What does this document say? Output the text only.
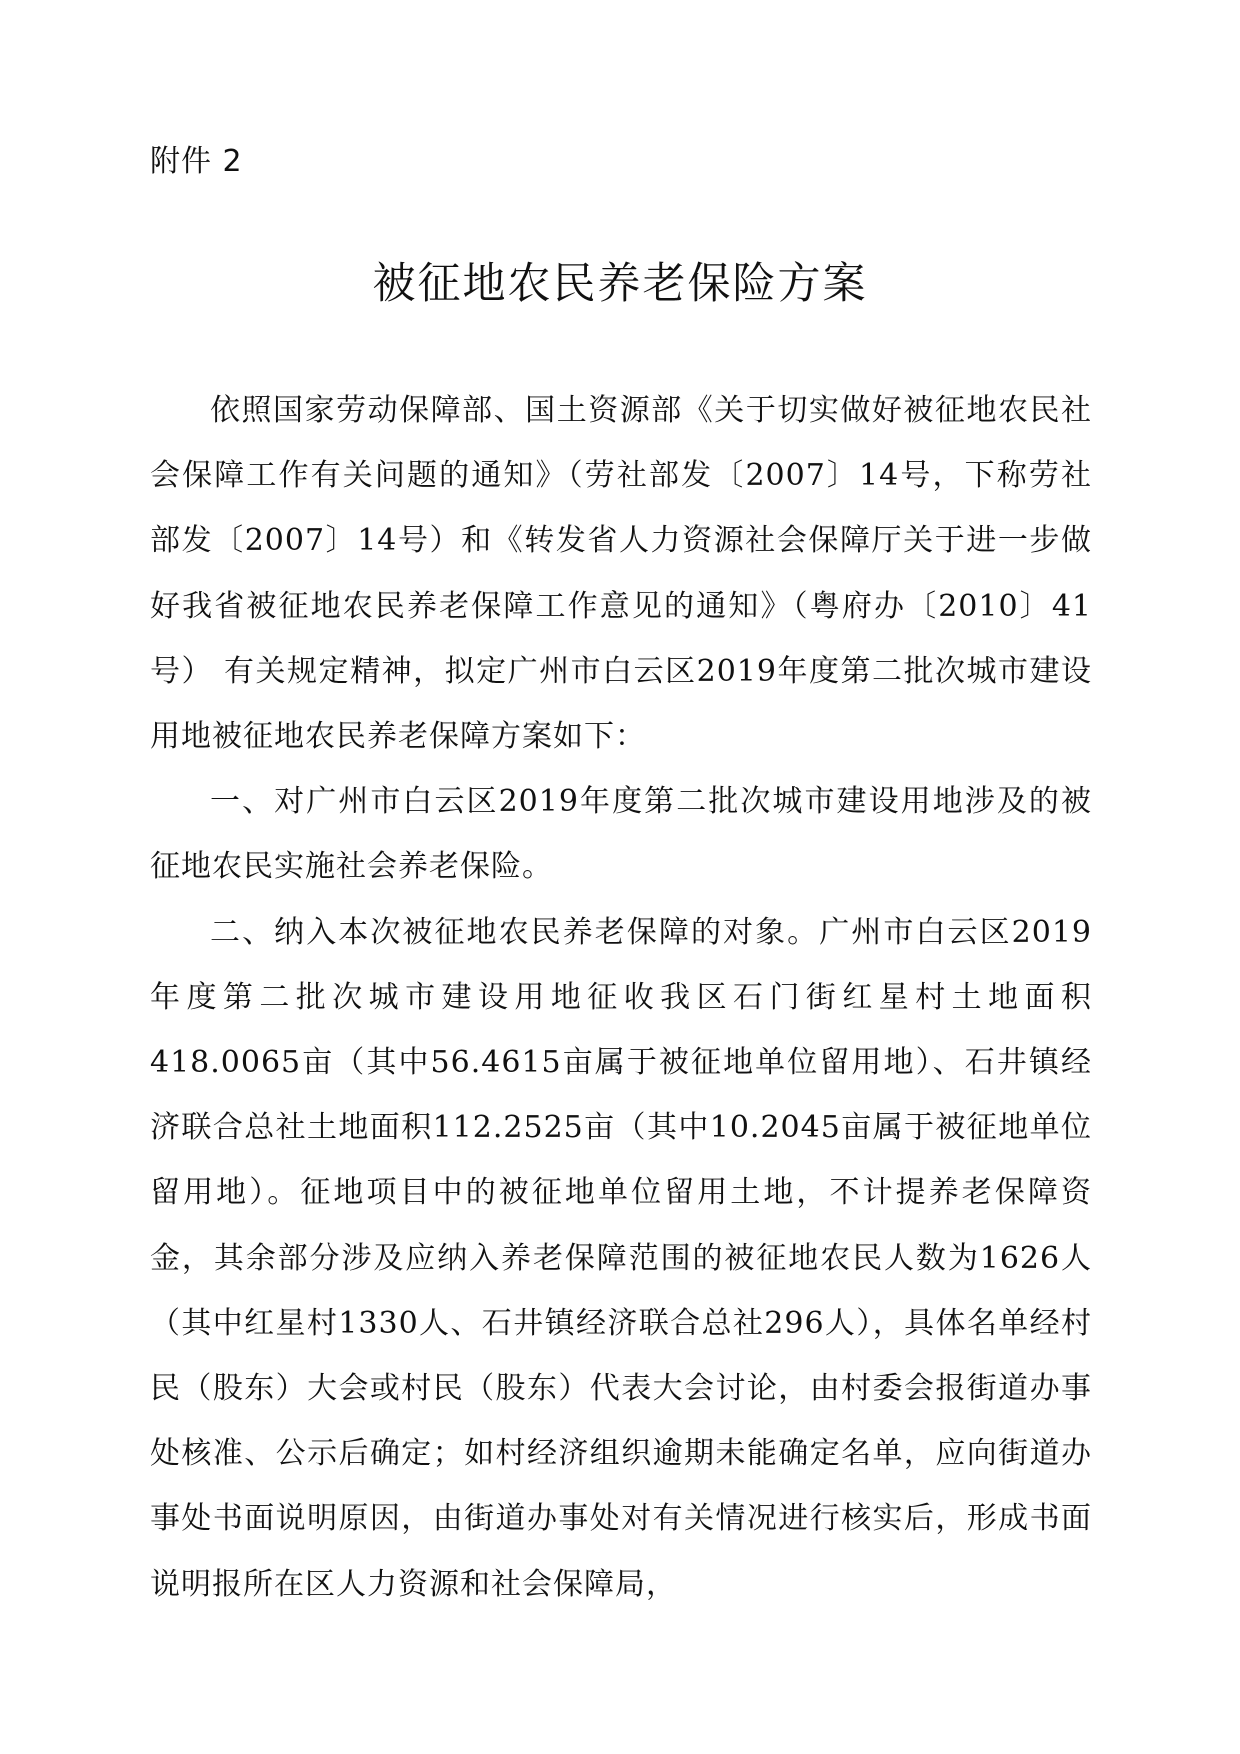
附件 2
被征地农民养老保险方案

依照国家劳动保障部、国土资源部《关于切实做好被征地农民社会保障工作有关问题的通知》（劳社部发〔2007〕14号，下称劳社部发〔2007〕14号）和《转发省人力资源社会保障厅关于进一步做好我省被征地农民养老保障工作意见的通知》（粤府办〔2010〕41号） 有关规定精神，拟定广州市白云区2019年度第二批次城市建设用地被征地农民养老保障方案如下：

一、对广州市白云区2019年度第二批次城市建设用地涉及的被征地农民实施社会养老保险。

二、纳入本次被征地农民养老保障的对象。广州市白云区2019年度第二批次城市建设用地征收我区石门街红星村土地面积418.0065亩（其中56.4615亩属于被征地单位留用地）、石井镇经济联合总社土地面积112.2525亩（其中10.2045亩属于被征地单位留用地）。征地项目中的被征地单位留用土地，不计提养老保障资金，其余部分涉及应纳入养老保障范围的被征地农民人数为1626人（其中红星村1330人、石井镇经济联合总社296人），具体名单经村民（股东）大会或村民（股东）代表大会讨论，由村委会报街道办事处核准、公示后确定；如村经济组织逾期未能确定名单，应向街道办事处书面说明原因，由街道办事处对有关情况进行核实后，形成书面说明报所在区人力资源和社会保障局，
